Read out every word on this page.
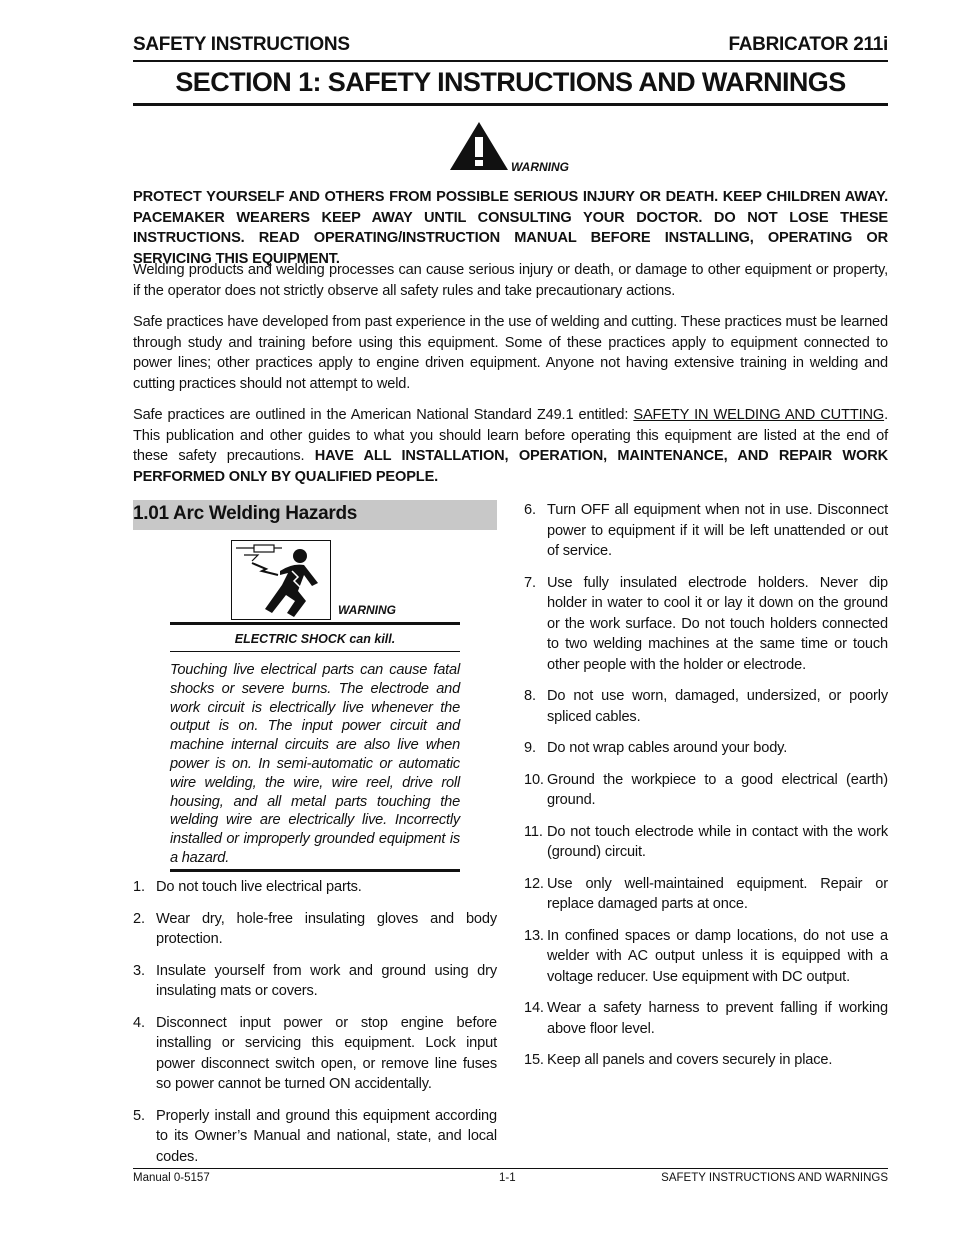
SAFETY INSTRUCTIONS	FABRICATOR 211i
SECTION 1: SAFETY INSTRUCTIONS AND WARNINGS
WARNING

PROTECT YOURSELF AND OTHERS FROM POSSIBLE SERIOUS INJURY OR DEATH. KEEP CHILDREN AWAY. PACEMAKER WEARERS KEEP AWAY UNTIL CONSULTING YOUR DOCTOR. DO NOT LOSE THESE INSTRUCTIONS. READ OPERATING/INSTRUCTION MANUAL BEFORE INSTALLING, OPERATING OR SERVICING THIS EQUIPMENT.

Welding products and welding processes can cause serious injury or death, or damage to other equipment or property, if the operator does not strictly observe all safety rules and take precautionary actions.

Safe practices have developed from past experience in the use of welding and cutting. These practices must be learned through study and training before using this equipment. Some of these practices apply to equipment connected to power lines; other practices apply to engine driven equipment. Anyone not having extensive training in welding and cutting practices should not attempt to weld.

Safe practices are outlined in the American National Standard Z49.1 entitled: SAFETY IN WELDING AND CUTTING. This publication and other guides to what you should learn before operating this equipment are listed at the end of these safety precautions. HAVE ALL INSTALLATION, OPERATION, MAINTENANCE, AND REPAIR WORK PERFORMED ONLY BY QUALIFIED PEOPLE.

1.01 Arc Welding Hazards
WARNING
ELECTRIC SHOCK can kill.
Touching live electrical parts can cause fatal shocks or severe burns. The electrode and work circuit is electrically live whenever the output is on. The input power circuit and machine internal circuits are also live when power is on. In semi-automatic or automatic wire welding, the wire, wire reel, drive roll housing, and all metal parts touching the welding wire are electrically live. Incorrectly installed or improperly grounded equipment is a hazard.
1. Do not touch live electrical parts.
2. Wear dry, hole-free insulating gloves and body protection.
3. Insulate yourself from work and ground using dry insulating mats or covers.
4. Disconnect input power or stop engine before installing or servicing this equipment. Lock input power disconnect switch open, or remove line fuses so power cannot be turned ON accidentally.
5. Properly install and ground this equipment according to its Owner’s Manual and national, state, and local codes.
6. Turn OFF all equipment when not in use. Disconnect power to equipment if it will be left unattended or out of service.
7. Use fully insulated electrode holders. Never dip holder in water to cool it or lay it down on the ground or the work surface. Do not touch holders connected to two welding machines at the same time or touch other people with the holder or electrode.
8. Do not use worn, damaged, undersized, or poorly spliced cables.
9. Do not wrap cables around your body.
10. Ground the workpiece to a good electrical (earth) ground.
11. Do not touch electrode while in contact with the work (ground) circuit.
12. Use only well-maintained equipment. Repair or replace damaged parts at once.
13. In confined spaces or damp locations, do not use a welder with AC output unless it is equipped with a voltage reducer. Use equipment with DC output.
14. Wear a safety harness to prevent falling if working above floor level.
15. Keep all panels and covers securely in place.
Manual 0-5157	1-1	SAFETY INSTRUCTIONS AND WARNINGS
